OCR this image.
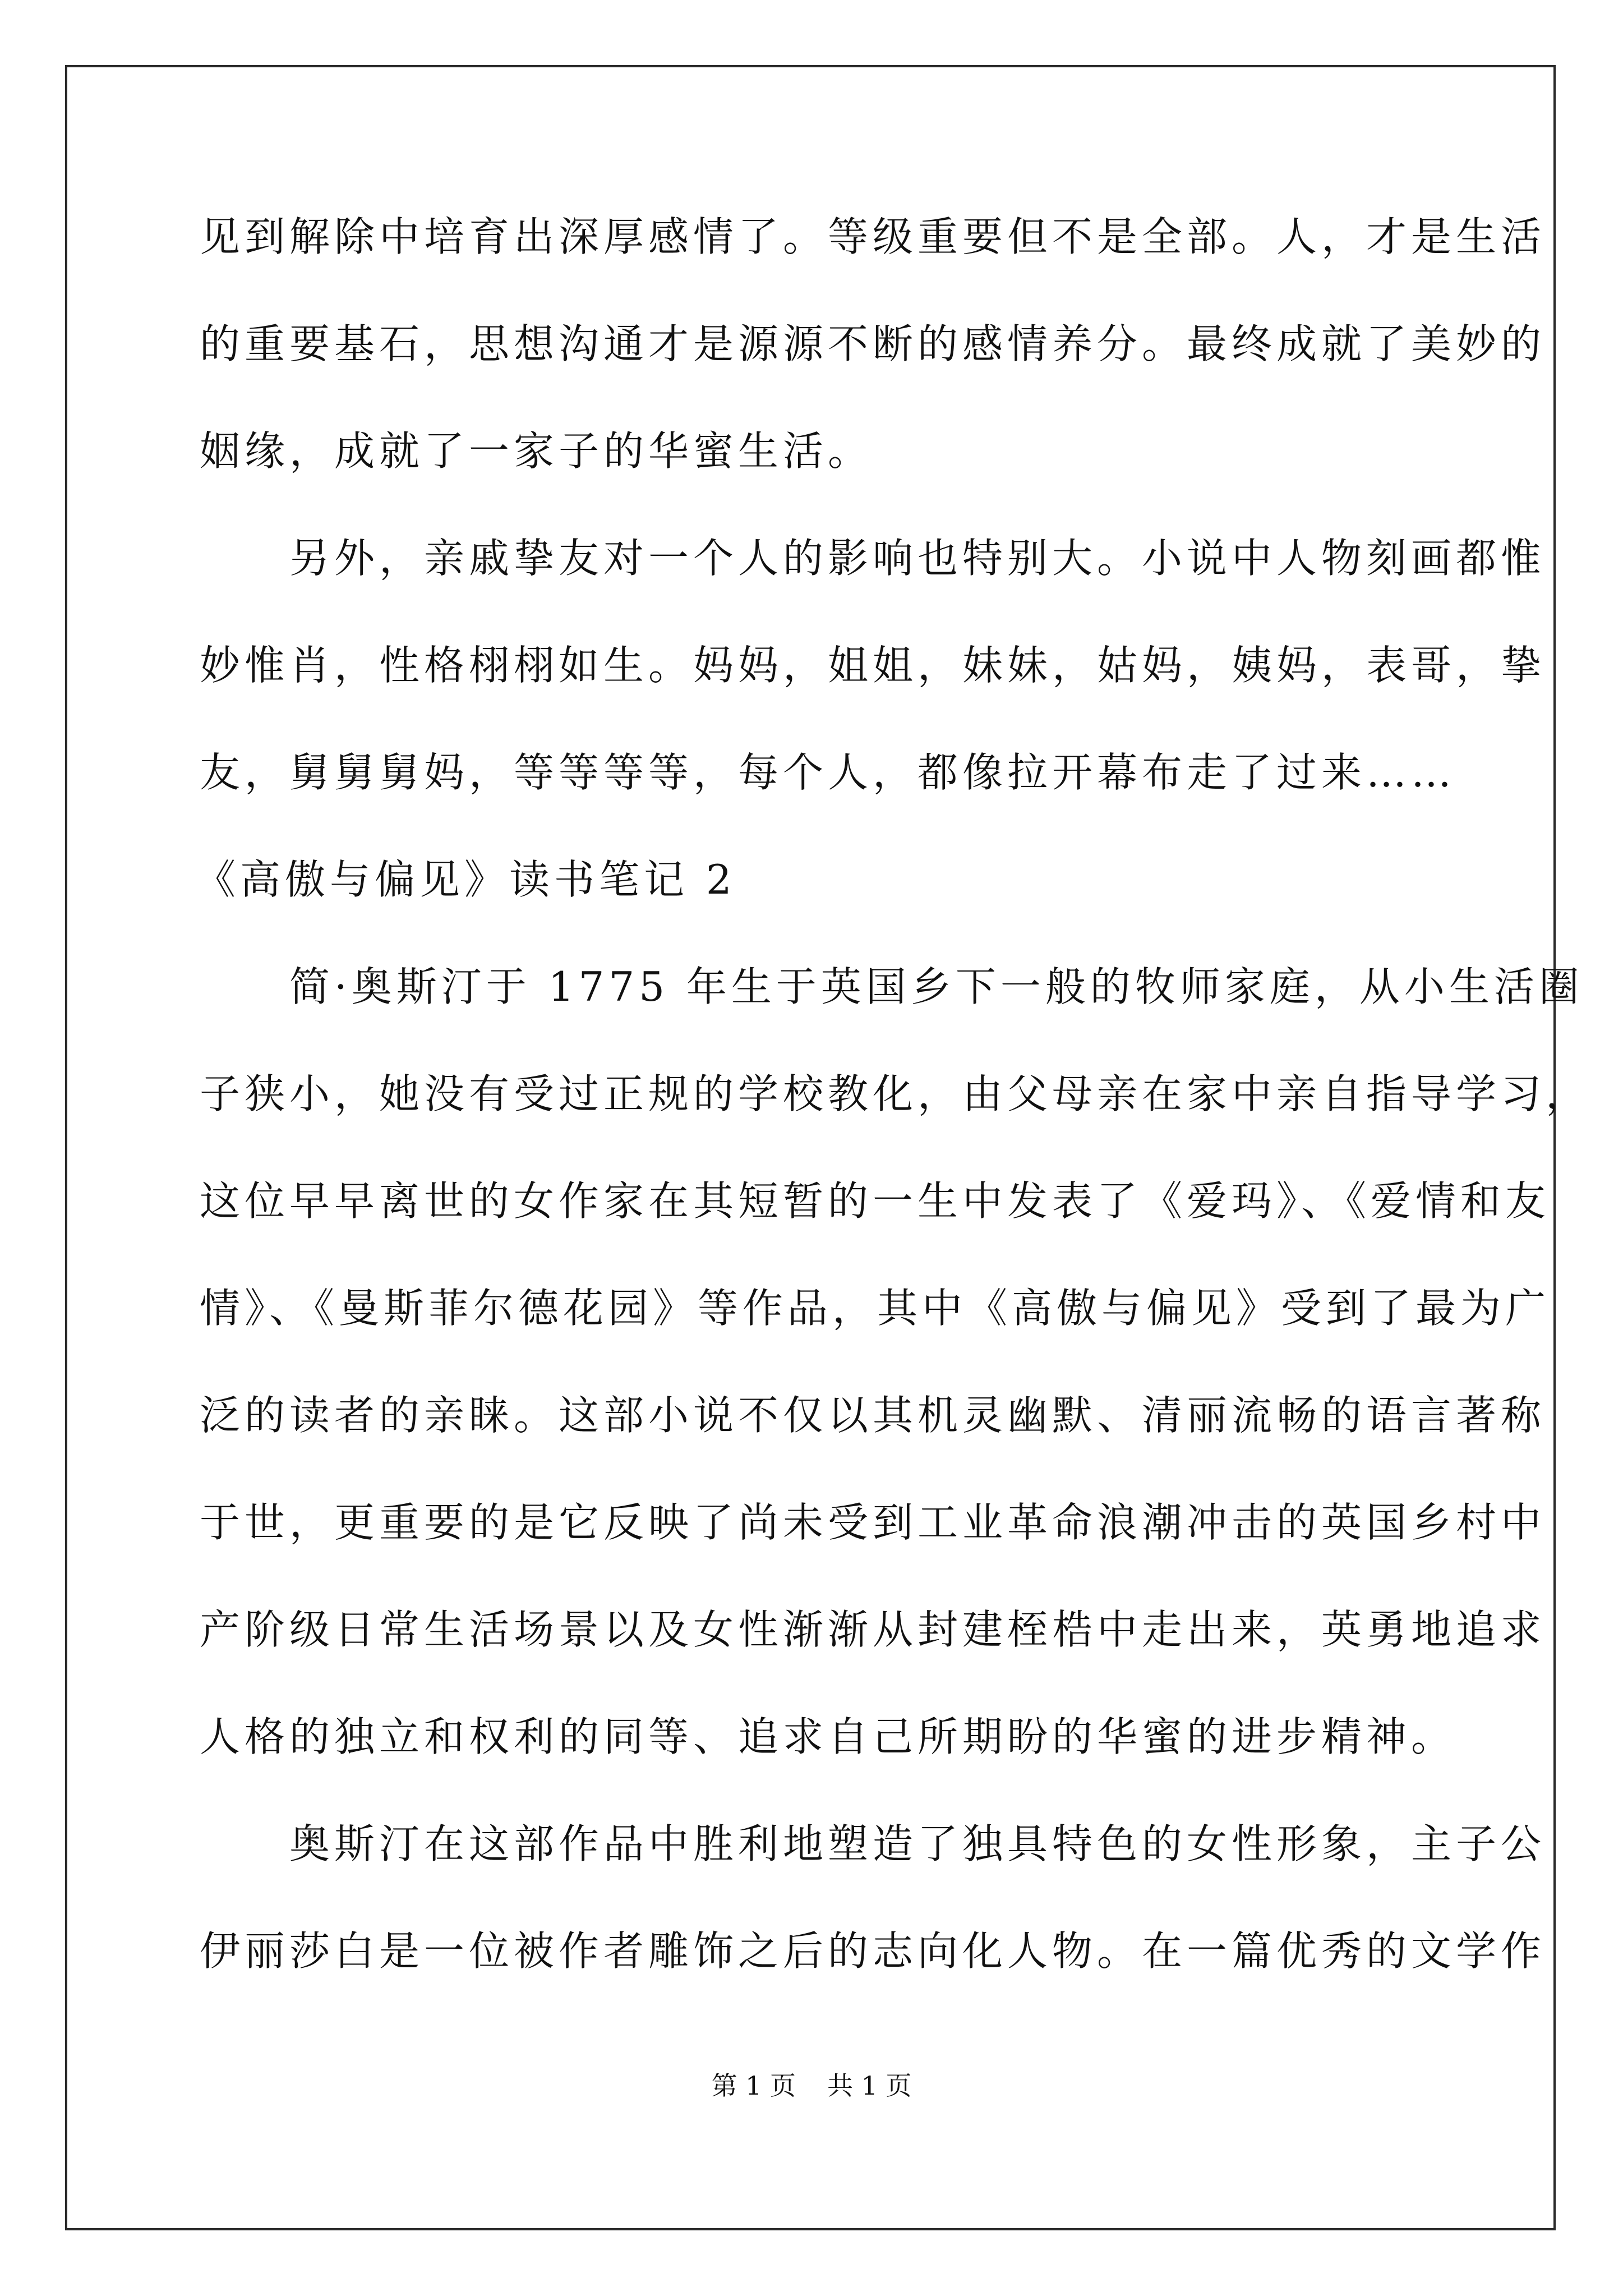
见到解除中培育出深厚感情了。等级重要但不是全部。人，才是生活

的重要基石，思想沟通才是源源不断的感情养分。最终成就了美妙的

姻缘，成就了一家子的华蜜生活。

　　另外，亲戚挚友对一个人的影响也特别大。小说中人物刻画都惟

妙惟肖，性格栩栩如生。妈妈，姐姐，妹妹，姑妈，姨妈，表哥，挚

友，舅舅舅妈，等等等等，每个人，都像拉开幕布走了过来……

《高傲与偏见》读书笔记 2

　　简·奥斯汀于 1775 年生于英国乡下一般的牧师家庭，从小生活圈

子狭小，她没有受过正规的学校教化，由父母亲在家中亲自指导学习，

这位早早离世的女作家在其短暂的一生中发表了《爱玛》、《爱情和友

情》、《曼斯菲尔德花园》等作品，其中《高傲与偏见》受到了最为广

泛的读者的亲睐。这部小说不仅以其机灵幽默、清丽流畅的语言著称

于世，更重要的是它反映了尚未受到工业革命浪潮冲击的英国乡村中

产阶级日常生活场景以及女性渐渐从封建桎梏中走出来，英勇地追求

人格的独立和权利的同等、追求自己所期盼的华蜜的进步精神。

　　奥斯汀在这部作品中胜利地塑造了独具特色的女性形象，主子公

伊丽莎白是一位被作者雕饰之后的志向化人物。在一篇优秀的文学作

第 1 页 共 1 页
